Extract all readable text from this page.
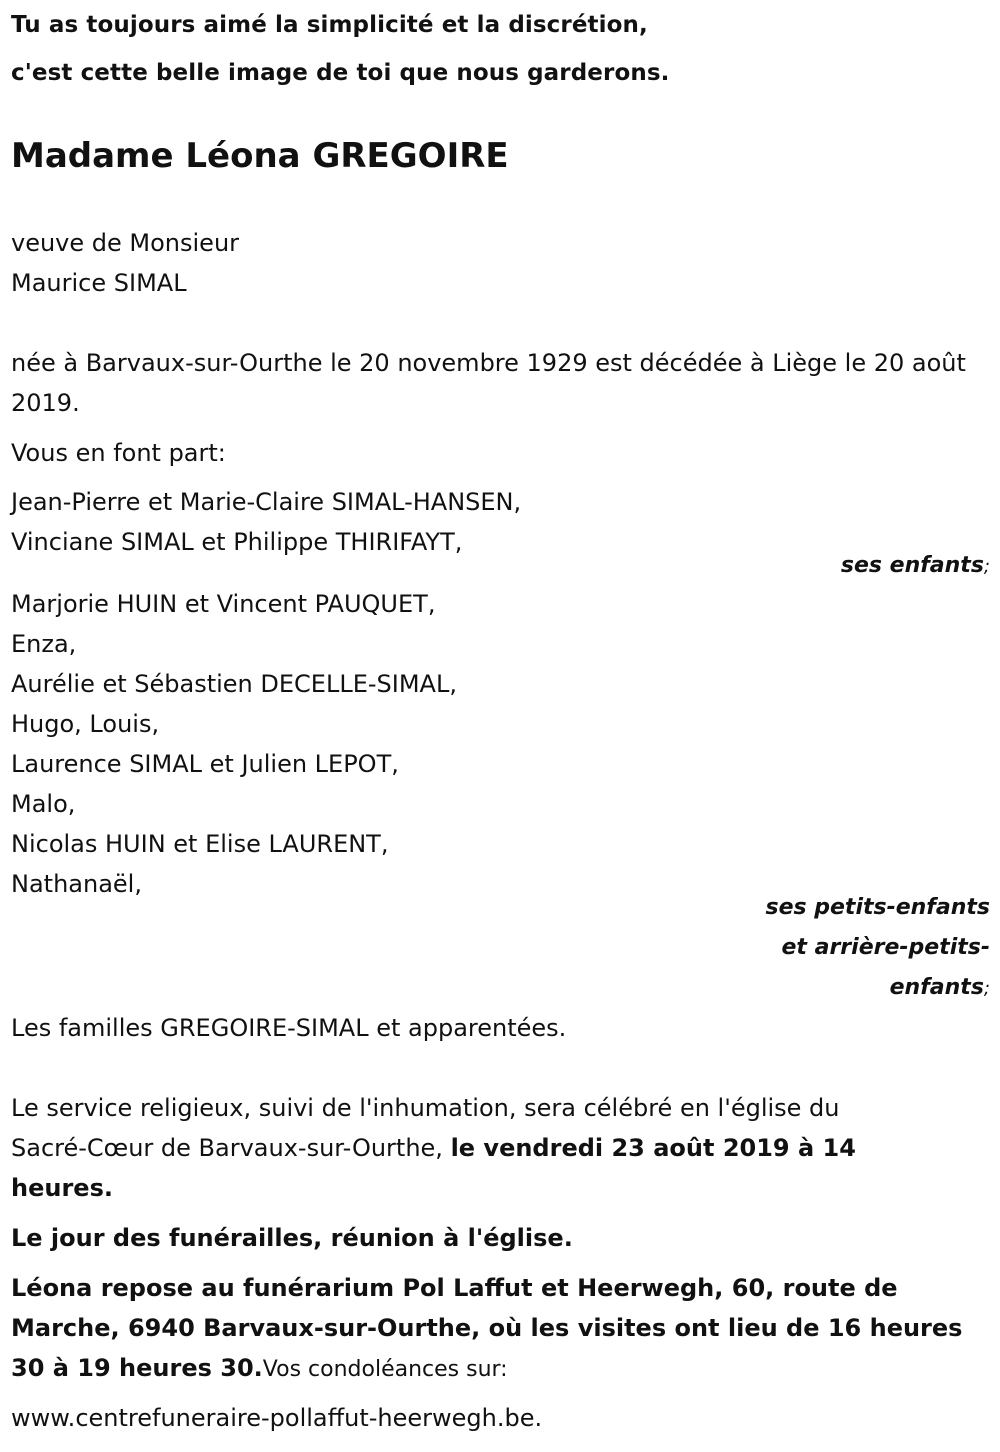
Tu as toujours aimé la simplicité et la discrétion,
c'est cette belle image de toi que nous garderons.
Madame Léona GREGOIRE
veuve de Monsieur
Maurice SIMAL
née à Barvaux-sur-Ourthe le 20 novembre 1929 est décédée à Liège le 20 août 2019.
Vous en font part:
Jean-Pierre et Marie-Claire SIMAL-HANSEN,
Vinciane SIMAL et Philippe THIRIFAYT,
ses enfants;
Marjorie HUIN et Vincent PAUQUET,
Enza,
Aurélie et Sébastien DECELLE-SIMAL,
Hugo, Louis,
Laurence SIMAL et Julien LEPOT,
Malo,
Nicolas HUIN et Elise LAURENT,
Nathanaël,
ses petits-enfants
et arrière-petits-
enfants;
Les familles GREGOIRE-SIMAL et apparentées.
Le service religieux, suivi de l'inhumation, sera célébré en l'église du Sacré-Cœur de Barvaux-sur-Ourthe, le vendredi 23 août 2019 à 14 heures.
Le jour des funérailles, réunion à l'église.
Léona repose au funérarium Pol Laffut et Heerwegh, 60, route de Marche, 6940 Barvaux-sur-Ourthe, où les visites ont lieu de 16 heures 30 à 19 heures 30.Vos condoléances sur:
www.centrefuneraire-pollaffut-heerwegh.be.
